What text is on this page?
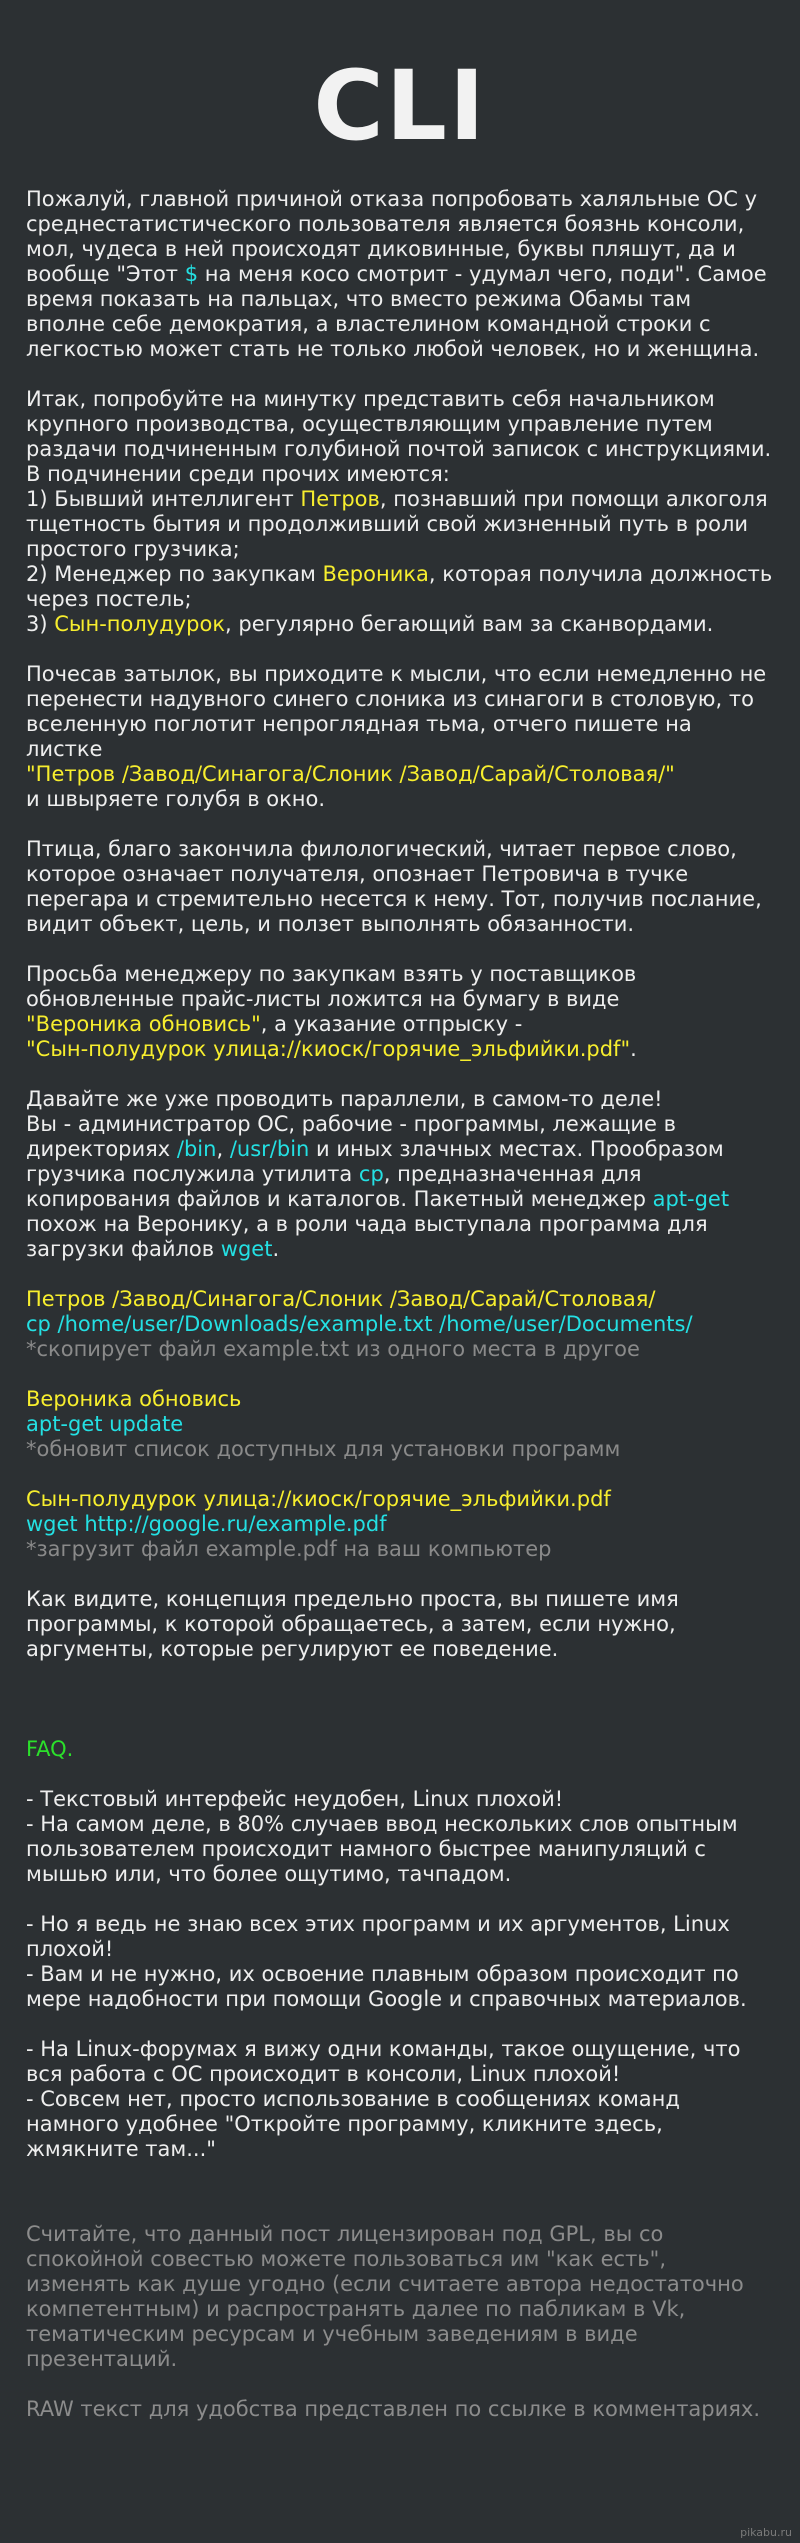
CLI

Пожалуй, главной причиной отказа попробовать халяльные ОС у среднестатистического пользователя является боязнь консоли, мол, чудеса в ней происходят диковинные, буквы пляшут, да и вообще "Этот $ на меня косо смотрит - удумал чего, поди". Самое время показать на пальцах, что вместо режима Обамы там вполне себе демократия, а властелином командной строки с легкостью может стать не только любой человек, но и женщина.

Итак, попробуйте на минутку представить себя начальником крупного производства, осуществляющим управление путем раздачи подчиненным голубиной почтой записок с инструкциями. В подчинении среди прочих имеются:
1) Бывший интеллигент Петров, познавший при помощи алкоголя тщетность бытия и продолживший свой жизненный путь в роли простого грузчика;
2) Менеджер по закупкам Вероника, которая получила должность через постель;
3) Сын-полудурок, регулярно бегающий вам за сканвордами.

Почесав затылок, вы приходите к мысли, что если немедленно не перенести надувного синего слоника из синагоги в столовую, то вселенную поглотит непроглядная тьма, отчего пишете на листке
"Петров /Завод/Синагога/Слоник /Завод/Сарай/Столовая/"
и швыряете голубя в окно.

Птица, благо закончила филологический, читает первое слово, которое означает получателя, опознает Петровича в тучке перегара и стремительно несется к нему. Тот, получив послание, видит объект, цель, и ползет выполнять обязанности.

Просьба менеджеру по закупкам взять у поставщиков обновленные прайс-листы ложится на бумагу в виде
"Вероника обновись", а указание отпрыску -
"Сын-полудурок улица://киоск/горячие_эльфийки.pdf".

Давайте же уже проводить параллели, в самом-то деле!
Вы - администратор ОС, рабочие - программы, лежащие в директориях /bin, /usr/bin и иных злачных местах. Прообразом грузчика послужила утилита cp, предназначенная для копирования файлов и каталогов. Пакетный менеджер apt-get похож на Веронику, а в роли чада выступала программа для загрузки файлов wget.

Петров /Завод/Синагога/Слоник /Завод/Сарай/Столовая/
cp /home/user/Downloads/example.txt /home/user/Documents/
*скопирует файл example.txt из одного места в другое

Вероника обновись
apt-get update
*обновит список доступных для установки программ

Сын-полудурок улица://киоск/горячие_эльфийки.pdf
wget http://google.ru/example.pdf
*загрузит файл example.pdf на ваш компьютер

Как видите, концепция предельно проста, вы пишете имя программы, к которой обращаетесь, а затем, если нужно, аргументы, которые регулируют ее поведение.

FAQ.

- Текстовый интерфейс неудобен, Linux плохой!
- На самом деле, в 80% случаев ввод нескольких слов опытным пользователем происходит намного быстрее манипуляций с мышью или, что более ощутимо, тачпадом.

- Но я ведь не знаю всех этих программ и их аргументов, Linux плохой!
- Вам и не нужно, их освоение плавным образом происходит по мере надобности при помощи Google и справочных материалов.

- На Linux-форумах я вижу одни команды, такое ощущение, что вся работа с ОС происходит в консоли, Linux плохой!
- Совсем нет, просто использование в сообщениях команд намного удобнее "Откройте программу, кликните здесь, жмякните там..."

Считайте, что данный пост лицензирован под GPL, вы со спокойной совестью можете пользоваться им "как есть", изменять как душе угодно (если считаете автора недостаточно компетентным) и распространять далее по пабликам в Vk, тематическим ресурсам и учебным заведениям в виде презентаций.

RAW текст для удобства представлен по ссылке в комментариях.

pikabu.ru
